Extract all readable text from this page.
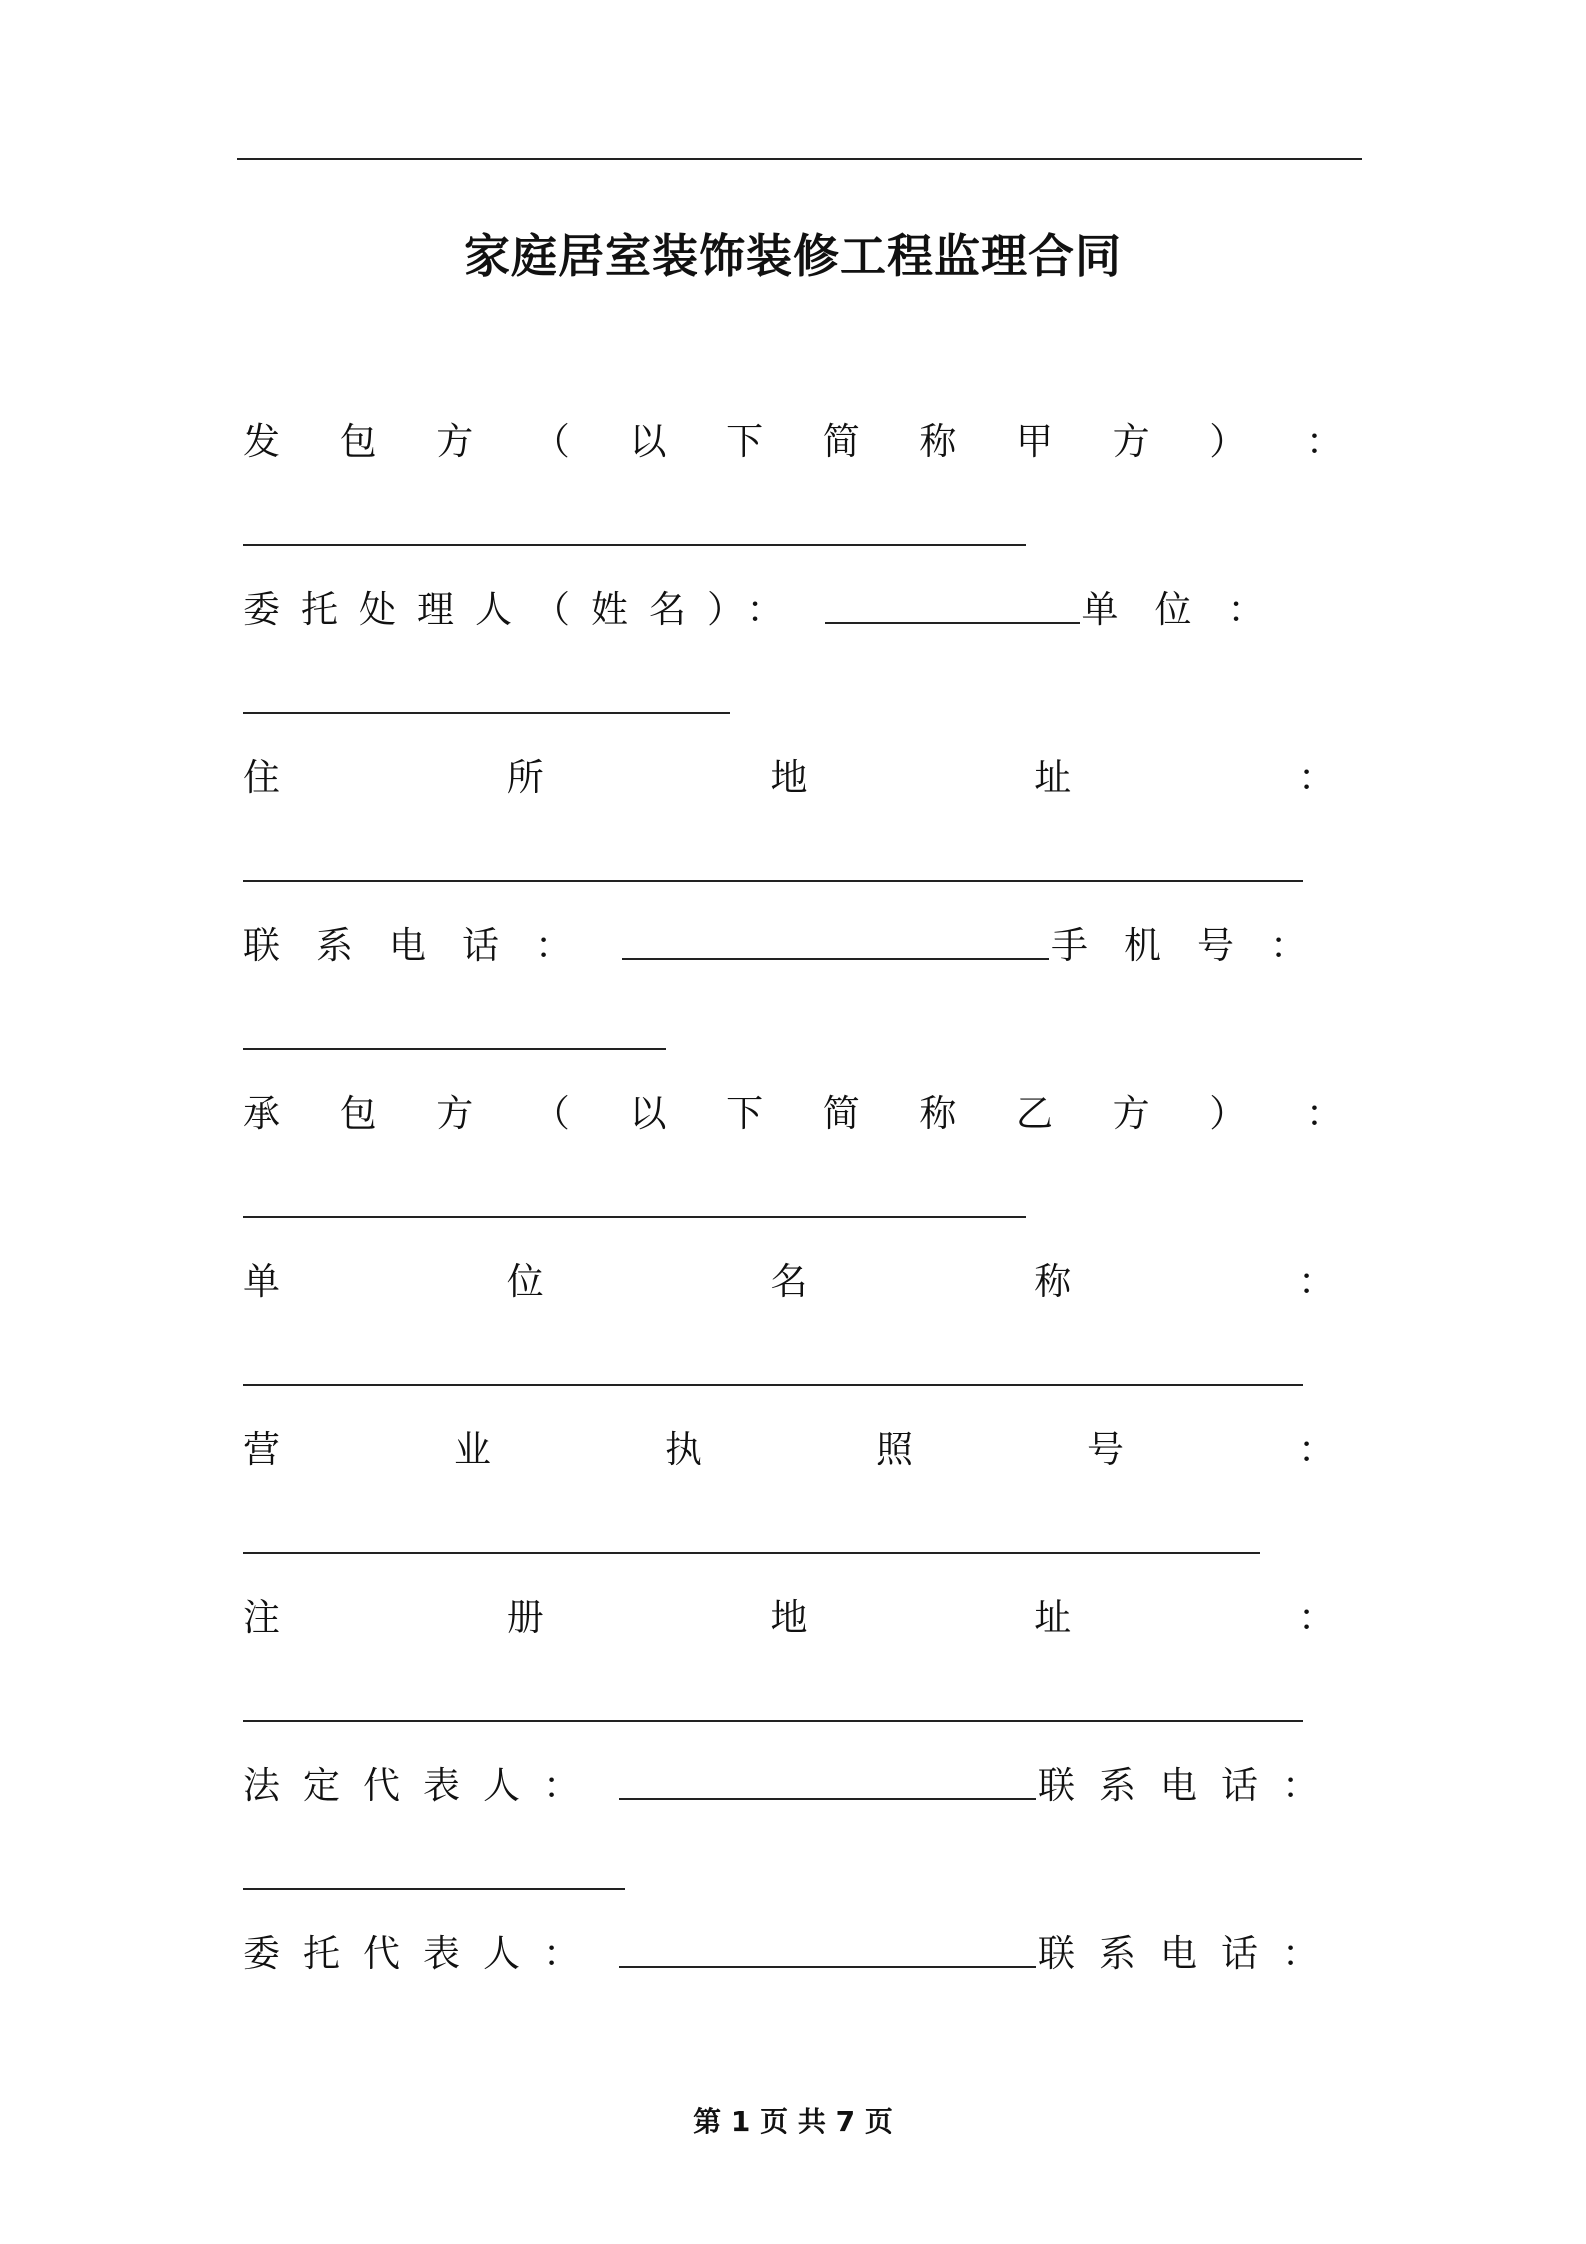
家庭居室装饰装修工程监理合同
发 包 方 （ 以 下 简 称 甲 方 ） ：
委托处理人（姓名）：	单位：
住	所	地	址	：
联系电话：	手机号：
承 包 方 （ 以 下 简 称 乙 方 ） ：
单	位	名	称	：
营	业	执	照	号	：
注	册	地	址	：
法定代表人：	联系电话：
委托代表人：	联系电话：
第 1 页 共 7 页
